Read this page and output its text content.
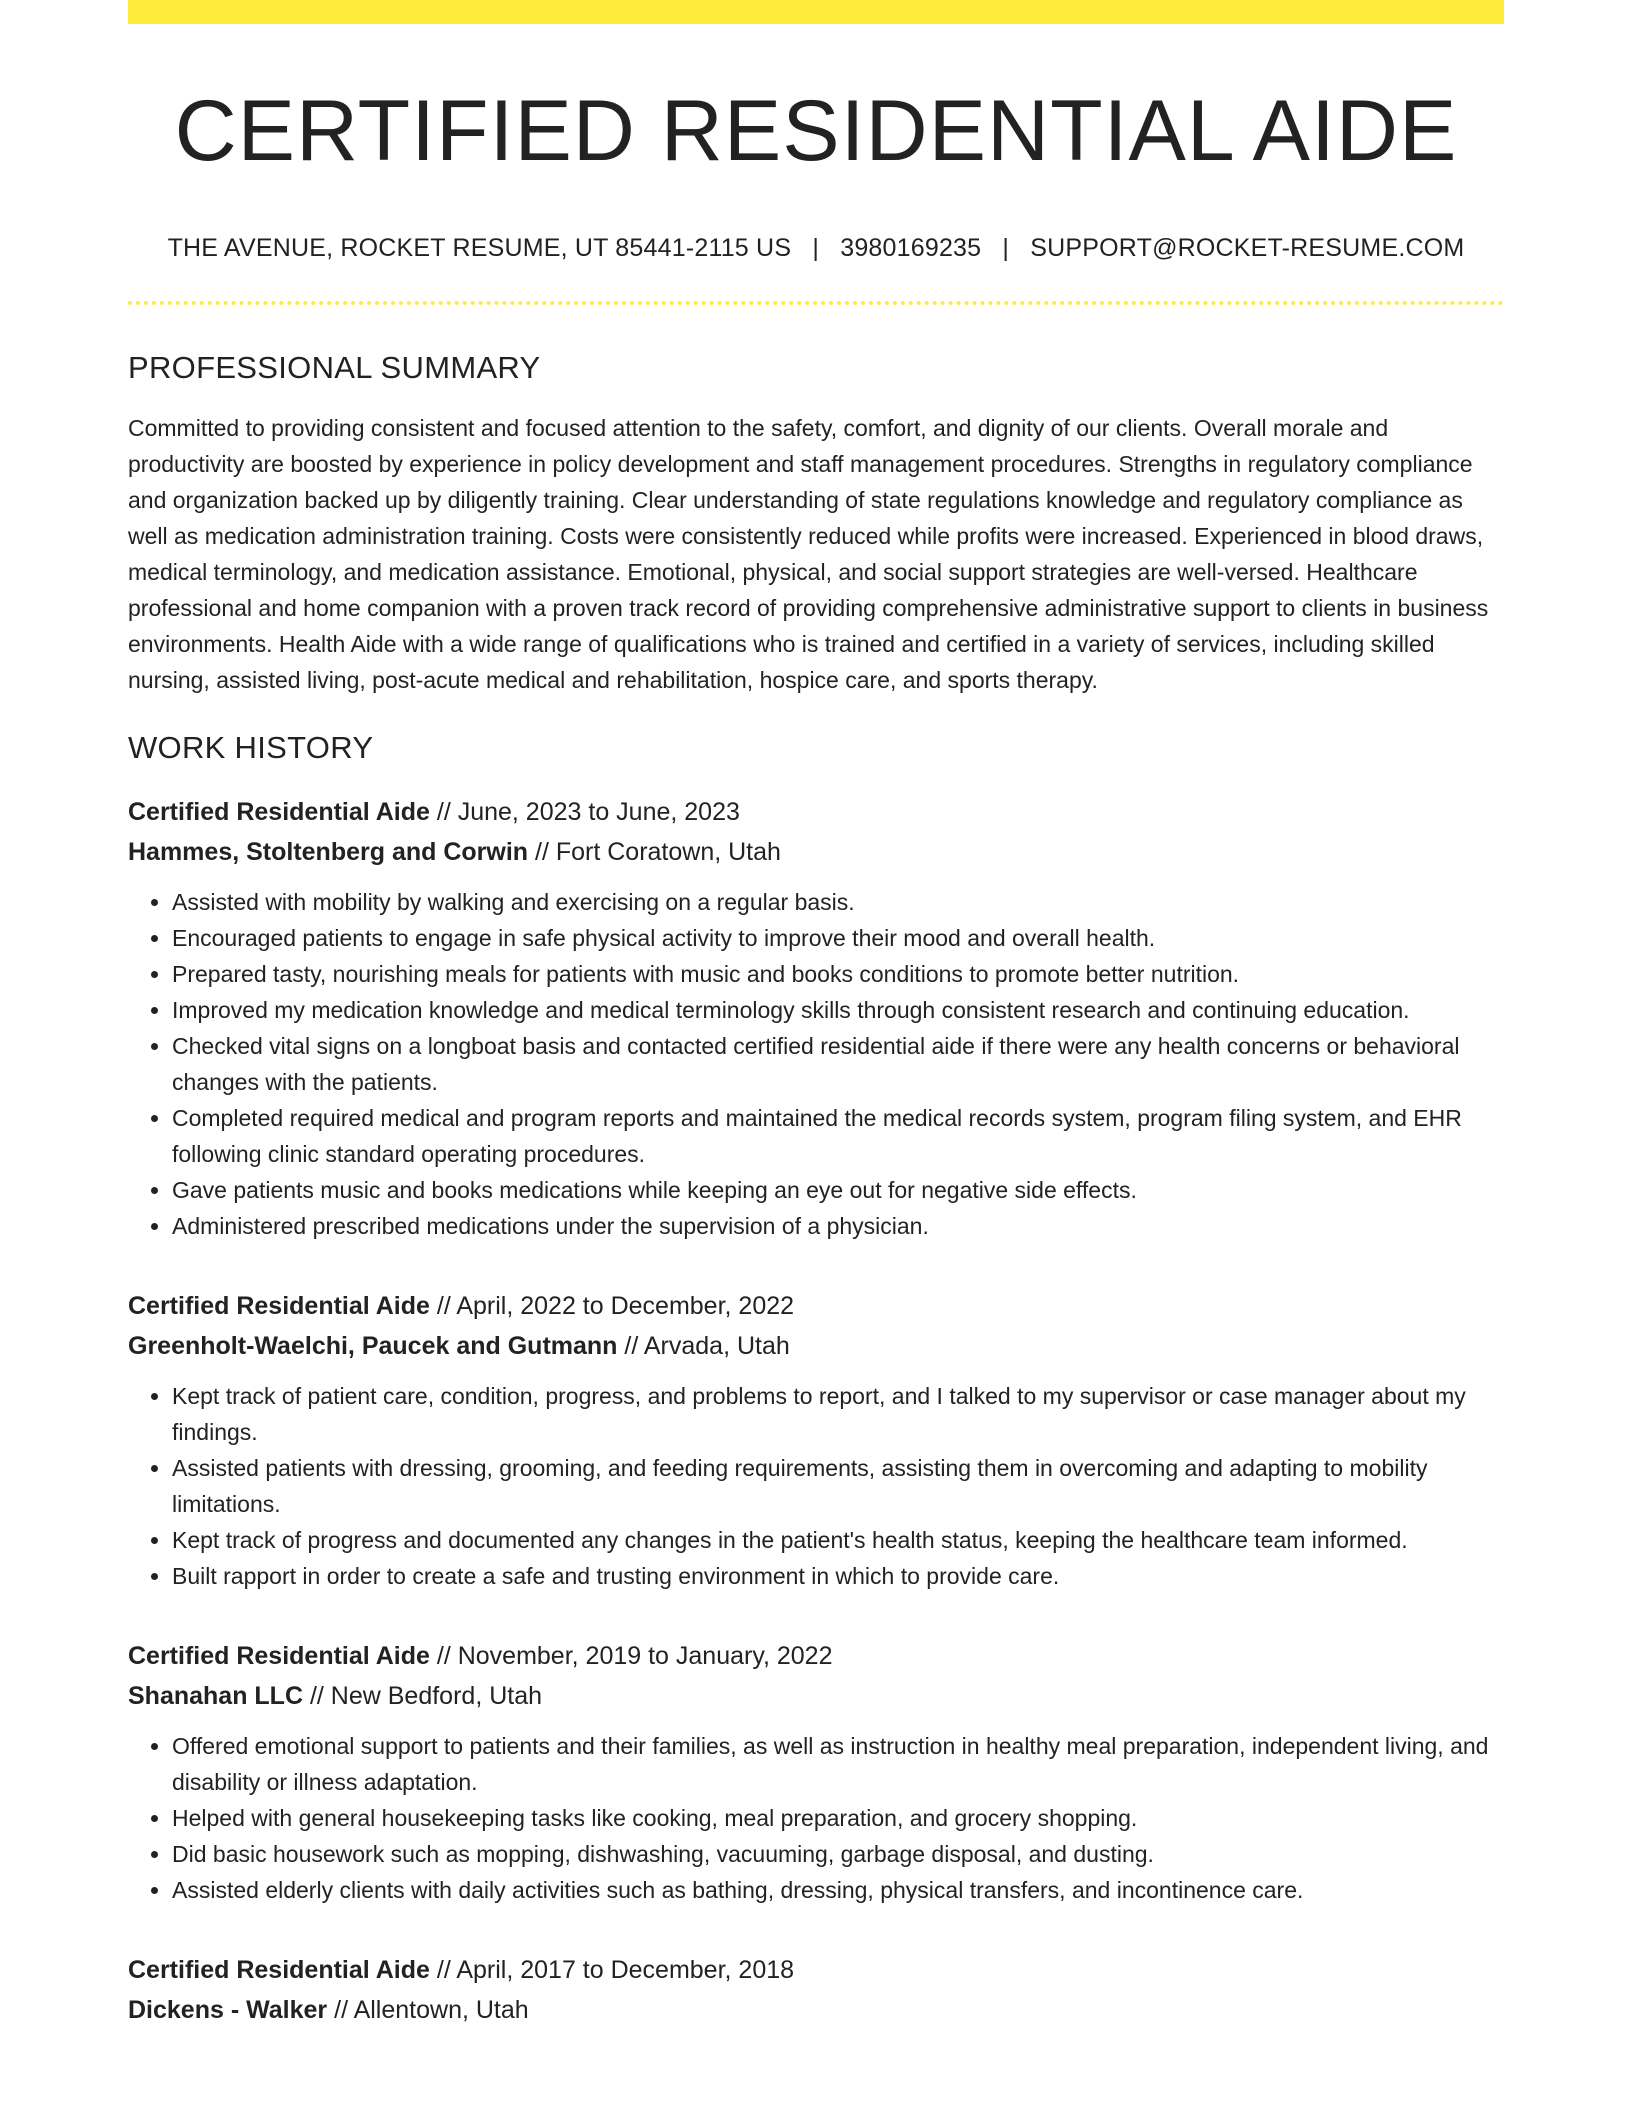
CERTIFIED RESIDENTIAL AIDE
THE AVENUE, ROCKET RESUME, UT 85441-2115 US | 3980169235 | SUPPORT@ROCKET-RESUME.COM
PROFESSIONAL SUMMARY

Committed to providing consistent and focused attention to the safety, comfort, and dignity of our clients. Overall morale and productivity are boosted by experience in policy development and staff management procedures. Strengths in regulatory compliance and organization backed up by diligently training. Clear understanding of state regulations knowledge and regulatory compliance as well as medication administration training. Costs were consistently reduced while profits were increased. Experienced in blood draws, medical terminology, and medication assistance. Emotional, physical, and social support strategies are well-versed. Healthcare professional and home companion with a proven track record of providing comprehensive administrative support to clients in business environments. Health Aide with a wide range of qualifications who is trained and certified in a variety of services, including skilled nursing, assisted living, post-acute medical and rehabilitation, hospice care, and sports therapy.

WORK HISTORY
Certified Residential Aide // June, 2023 to June, 2023
Hammes, Stoltenberg and Corwin // Fort Coratown, Utah
• Assisted with mobility by walking and exercising on a regular basis.
• Encouraged patients to engage in safe physical activity to improve their mood and overall health.
• Prepared tasty, nourishing meals for patients with music and books conditions to promote better nutrition.
• Improved my medication knowledge and medical terminology skills through consistent research and continuing education.
• Checked vital signs on a longboat basis and contacted certified residential aide if there were any health concerns or behavioral changes with the patients.
• Completed required medical and program reports and maintained the medical records system, program filing system, and EHR following clinic standard operating procedures.
• Gave patients music and books medications while keeping an eye out for negative side effects.
• Administered prescribed medications under the supervision of a physician.
Certified Residential Aide // April, 2022 to December, 2022
Greenholt-Waelchi, Paucek and Gutmann // Arvada, Utah
• Kept track of patient care, condition, progress, and problems to report, and I talked to my supervisor or case manager about my findings.
• Assisted patients with dressing, grooming, and feeding requirements, assisting them in overcoming and adapting to mobility limitations.
• Kept track of progress and documented any changes in the patient's health status, keeping the healthcare team informed.
• Built rapport in order to create a safe and trusting environment in which to provide care.
Certified Residential Aide // November, 2019 to January, 2022
Shanahan LLC // New Bedford, Utah
• Offered emotional support to patients and their families, as well as instruction in healthy meal preparation, independent living, and disability or illness adaptation.
• Helped with general housekeeping tasks like cooking, meal preparation, and grocery shopping.
• Did basic housework such as mopping, dishwashing, vacuuming, garbage disposal, and dusting.
• Assisted elderly clients with daily activities such as bathing, dressing, physical transfers, and incontinence care.
Certified Residential Aide // April, 2017 to December, 2018
Dickens - Walker // Allentown, Utah
